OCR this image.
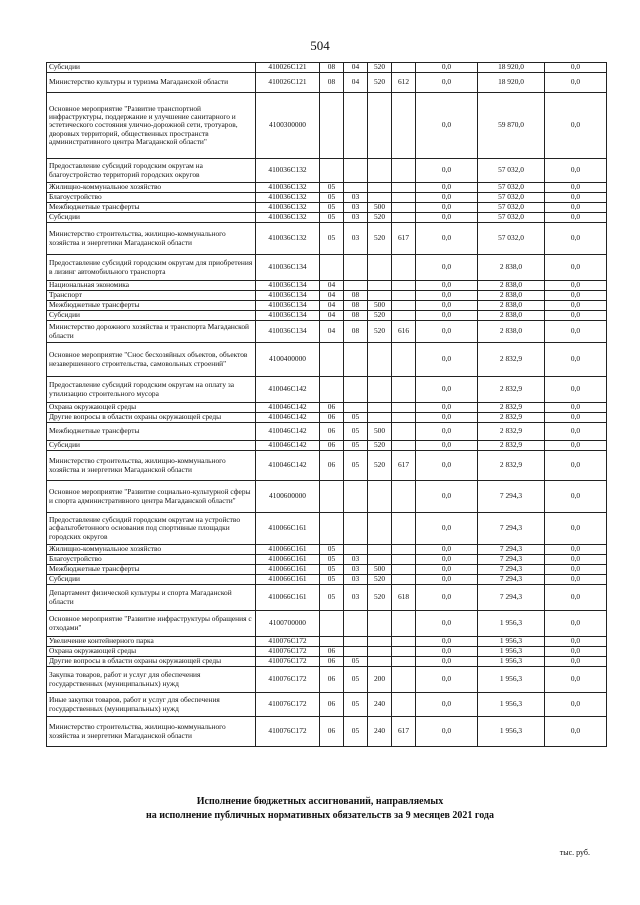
504
Субсидии	410026С121	08	04	520		0,0	18 920,0	0,0
Министерство культуры и туризма Магаданской области	410026С121	08	04	520	612	0,0	18 920,0	0,0
Основное мероприятие "Развитие транспортной инфраструктуры, поддержание и улучшение санитарного и эстетического состояния улично-дорожной сети, тротуаров, дворовых территорий, общественных пространств административного центра Магаданской области"	4100300000					0,0	59 870,0	0,0
Предоставление субсидий городским округам на благоустройство территорий городских округов	410036С132					0,0	57 032,0	0,0
Жилищно-коммунальное хозяйство	410036С132	05				0,0	57 032,0	0,0
Благоустройство	410036С132	05	03			0,0	57 032,0	0,0
Межбюджетные трансферты	410036С132	05	03	500		0,0	57 032,0	0,0
Субсидии	410036С132	05	03	520		0,0	57 032,0	0,0
Министерство строительства, жилищно-коммунального хозяйства и энергетики Магаданской области	410036С132	05	03	520	617	0,0	57 032,0	0,0
Предоставление субсидий городским округам для приобретения в лизинг автомобильного транспорта	410036С134					0,0	2 838,0	0,0
Национальная экономика	410036С134	04				0,0	2 838,0	0,0
Транспорт	410036С134	04	08			0,0	2 838,0	0,0
Межбюджетные трансферты	410036С134	04	08	500		0,0	2 838,0	0,0
Субсидии	410036С134	04	08	520		0,0	2 838,0	0,0
Министерство дорожного хозяйства и транспорта Магаданской области	410036С134	04	08	520	616	0,0	2 838,0	0,0
Основное мероприятие "Снос бесхозяйных объектов, объектов незавершенного строительства, самовольных строений"	4100400000					0,0	2 832,9	0,0
Предоставление субсидий городским округам на оплату за утилизацию строительного мусора	410046С142					0,0	2 832,9	0,0
Охрана окружающей среды	410046С142	06				0,0	2 832,9	0,0
Другие вопросы в области охраны окружающей среды	410046С142	06	05			0,0	2 832,9	0,0
Межбюджетные трансферты	410046С142	06	05	500		0,0	2 832,9	0,0
Субсидии	410046С142	06	05	520		0,0	2 832,9	0,0
Министерство строительства, жилищно-коммунального хозяйства и энергетики Магаданской области	410046С142	06	05	520	617	0,0	2 832,9	0,0
Основное мероприятие "Развитие социально-культурной сферы и спорта административного центра Магаданской области"	4100600000					0,0	7 294,3	0,0
Предоставление субсидий городским округам на устройство асфальтобетонного основания под спортивные площадки городских округов	410066С161					0,0	7 294,3	0,0
Жилищно-коммунальное хозяйство	410066С161	05				0,0	7 294,3	0,0
Благоустройство	410066С161	05	03			0,0	7 294,3	0,0
Межбюджетные трансферты	410066С161	05	03	500		0,0	7 294,3	0,0
Субсидии	410066С161	05	03	520		0,0	7 294,3	0,0
Департамент физической культуры и спорта Магаданской области	410066С161	05	03	520	618	0,0	7 294,3	0,0
Основное мероприятие "Развитие инфраструктуры обращения с отходами"	4100700000					0,0	1 956,3	0,0
Увеличение контейнерного парка	410076С172					0,0	1 956,3	0,0
Охрана окружающей среды	410076С172	06				0,0	1 956,3	0,0
Другие вопросы в области охраны окружающей среды	410076С172	06	05			0,0	1 956,3	0,0
Закупка товаров, работ и услуг для обеспечения государственных (муниципальных) нужд	410076С172	06	05	200		0,0	1 956,3	0,0
Иные закупки товаров, работ и услуг для обеспечения государственных (муниципальных) нужд	410076С172	06	05	240		0,0	1 956,3	0,0
Министерство строительства, жилищно-коммунального хозяйства и энергетики Магаданской области	410076С172	06	05	240	617	0,0	1 956,3	0,0
Исполнение бюджетных ассигнований, направляемых
на исполнение публичных нормативных обязательств за 9 месяцев 2021 года
тыс. руб.
